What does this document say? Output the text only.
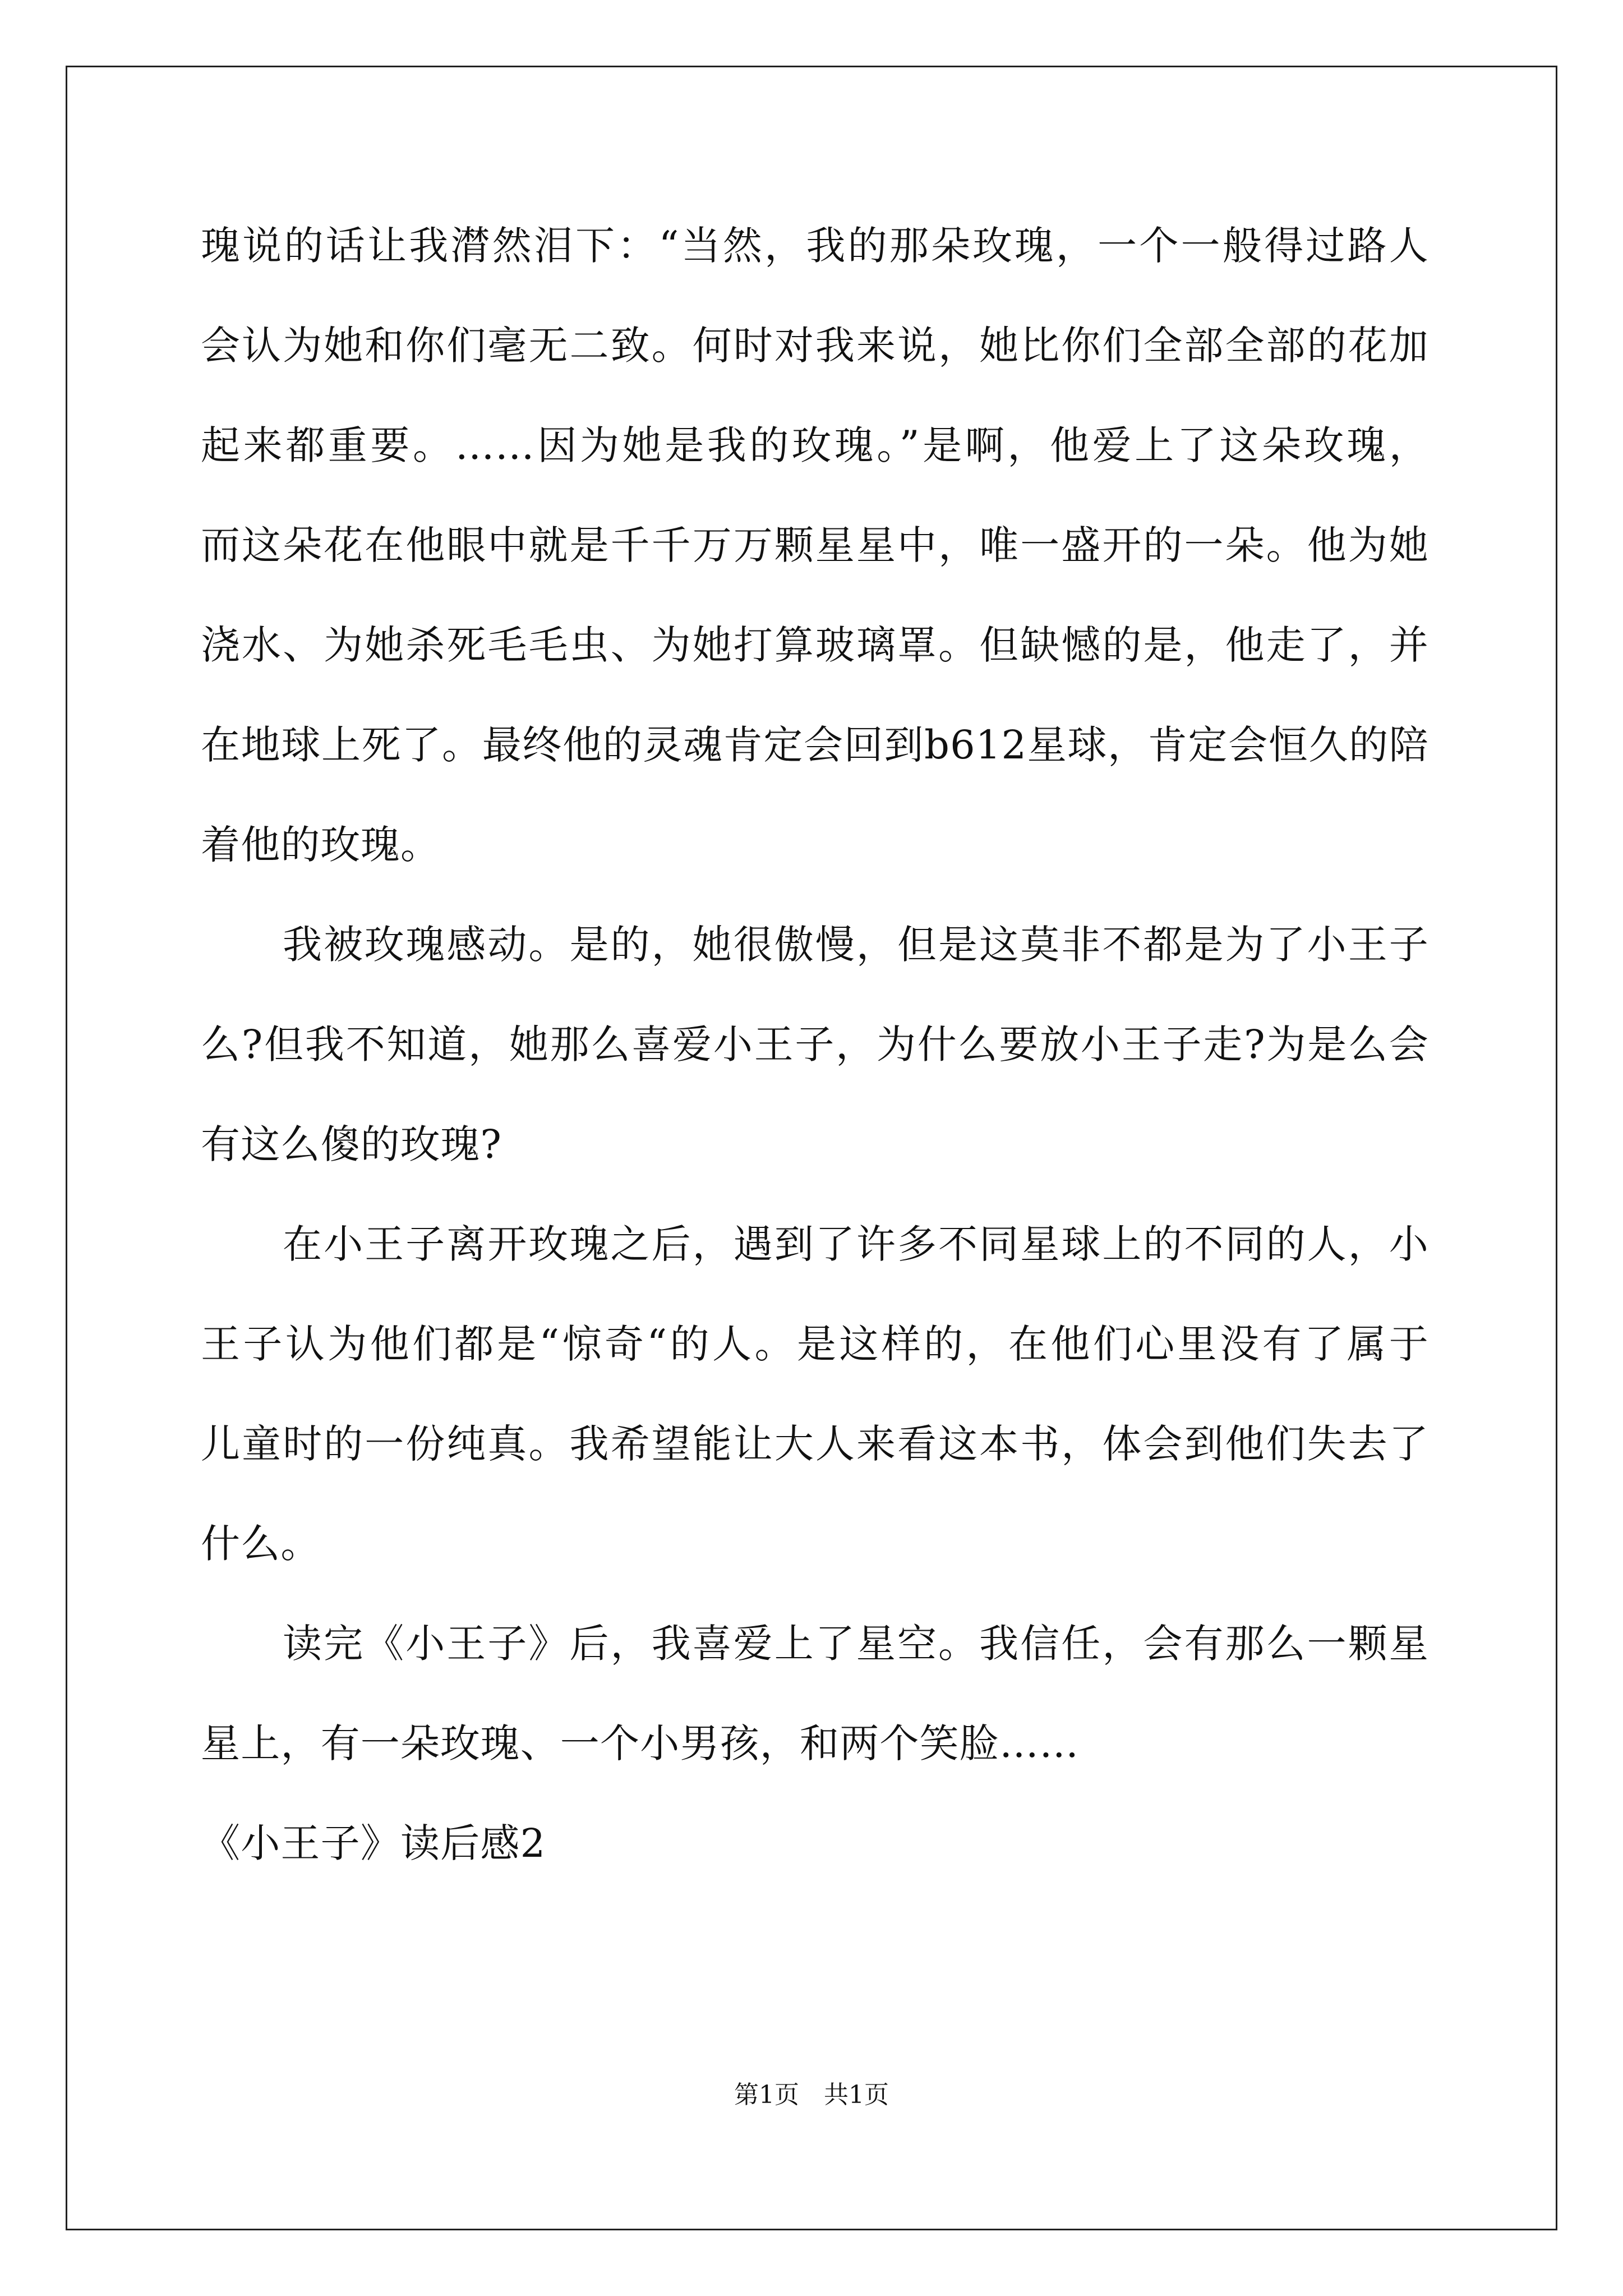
瑰说的话让我潸然泪下：“当然，我的那朵玫瑰，一个一般得过路人
会认为她和你们毫无二致。何时对我来说，她比你们全部全部的花加
起来都重要。……因为她是我的玫瑰。”是啊，他爱上了这朵玫瑰，
而这朵花在他眼中就是千千万万颗星星中，唯一盛开的一朵。他为她
浇水、为她杀死毛毛虫、为她打算玻璃罩。但缺憾的是，他走了，并
在地球上死了。最终他的灵魂肯定会回到b612星球，肯定会恒久的陪
着他的玫瑰。
我被玫瑰感动。是的，她很傲慢，但是这莫非不都是为了小王子
么?但我不知道，她那么喜爱小王子，为什么要放小王子走?为是么会
有这么傻的玫瑰?
在小王子离开玫瑰之后，遇到了许多不同星球上的不同的人，小
王子认为他们都是“惊奇“的人。是这样的，在他们心里没有了属于
儿童时的一份纯真。我希望能让大人来看这本书，体会到他们失去了
什么。
读完《小王子》后，我喜爱上了星空。我信任，会有那么一颗星
星上，有一朵玫瑰、一个小男孩，和两个笑脸……
《小王子》读后感2
第1页　共1页
